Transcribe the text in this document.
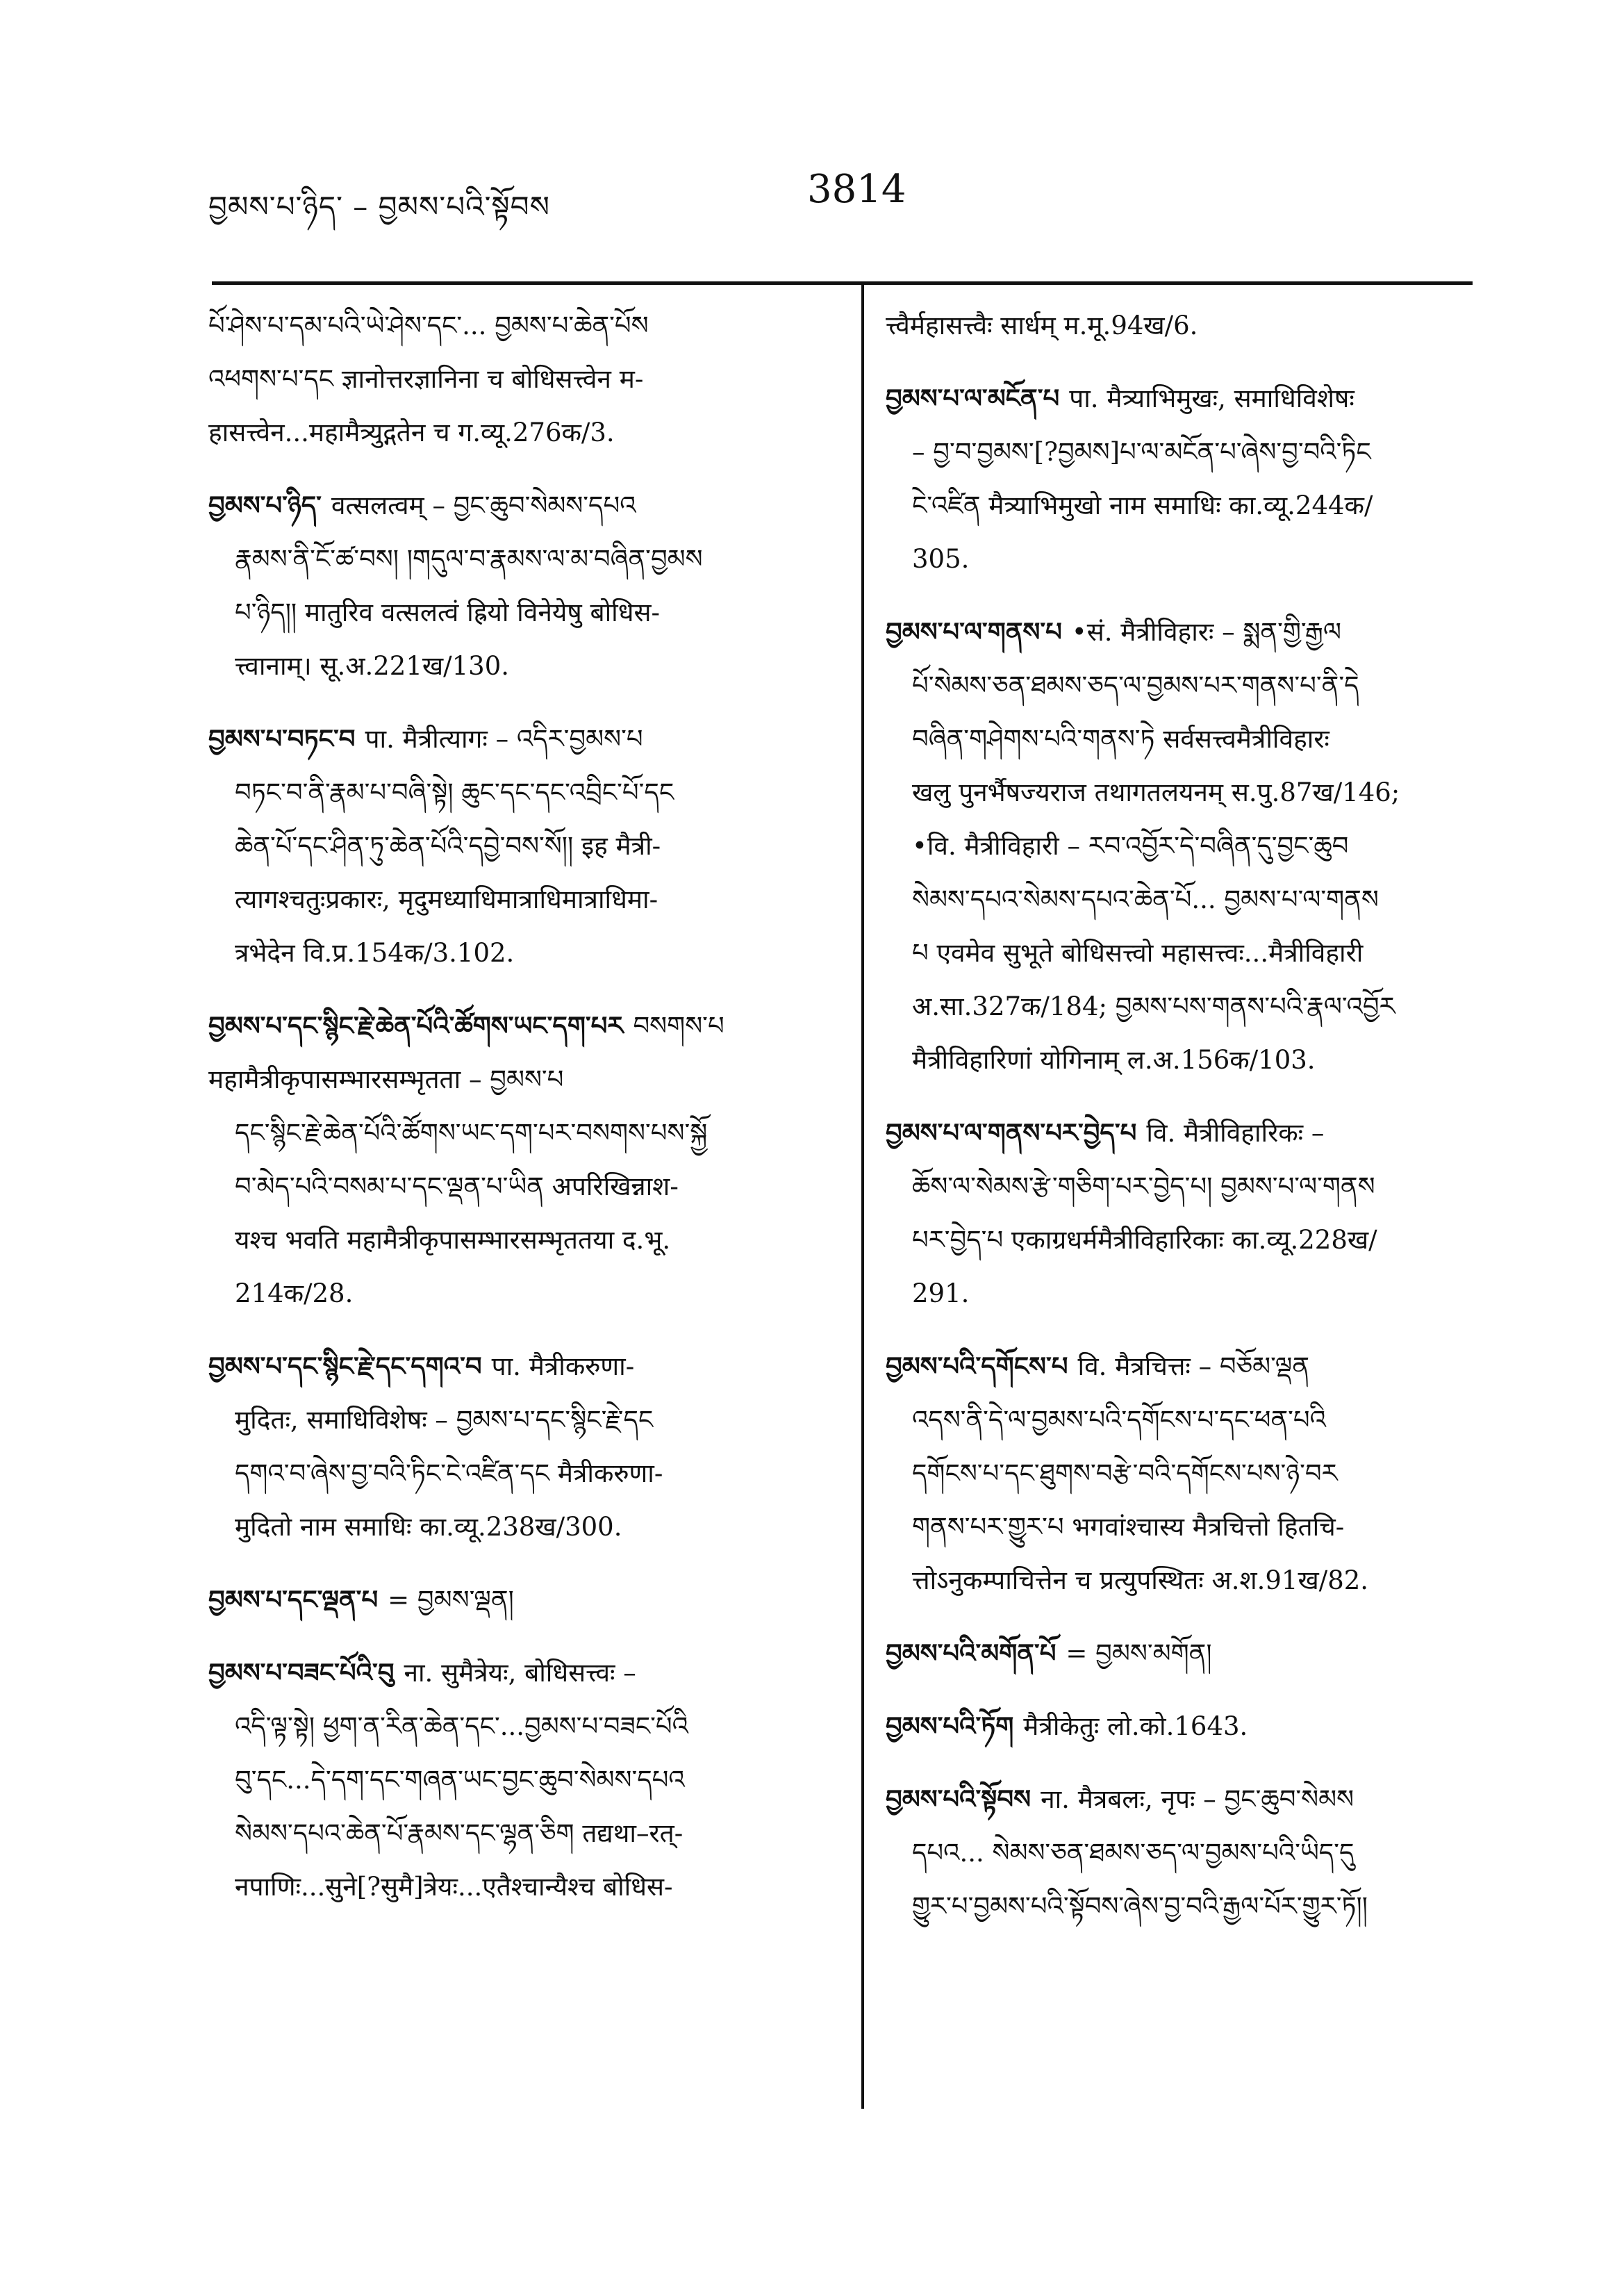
བྱམས་པ་ཉིད་ – བྱམས་པའི་སྟོབས	3814

པོ་ཤེས་པ་དམ་པའི་ཡེ་ཤེས་དང་... བྱམས་པ་ཆེན་པོས

འཕགས་པ་དང ज्ञानोत्तरज्ञानिना च बोधिसत्त्वेन म-

हासत्त्वेन...महामैत्र्युद्गतेन च ग.व्यू.276क/3.

བྱམས་པ་ཉིད་ वत्सलत्वम् – བྱང་ཆུབ་སེམས་དཔའ

རྣམས་ནི་ངོ་ཚ་བས། །གདུལ་བ་རྣམས་ལ་མ་བཞིན་བྱམས

པ་ཉིད།། मातुरिव वत्सलत्वं ह्रियो विनेयेषु बोधिस-

त्त्वानाम्। सू.अ.221ख/130.

བྱམས་པ་བཏང་བ पा. मैत्रीत्यागः – འདིར་བྱམས་པ

བཏང་བ་ནི་རྣམ་པ་བཞི་སྟེ། ཆུང་དང་དང་འབྲིང་པོ་དང

ཆེན་པོ་དང་ཤིན་ཏུ་ཆེན་པོའི་དབྱེ་བས་སོ།། इह मैत्री-

त्यागश्चतुःप्रकारः, मृदुमध्याधिमात्राधिमात्राधिमा-

त्रभेदेन वि.प्र.154क/3.102.

བྱམས་པ་དང་སྙིང་རྗེ་ཆེན་པོའི་ཚོགས་ཡང་དག་པར བསགས་པ महामैत्रीकृपासम्भारसम्भृतता – བྱམས་པ

དང་སྙིང་རྗེ་ཆེན་པོའི་ཚོགས་ཡང་དག་པར་བསགས་པས་སྐྱོ

བ་མེད་པའི་བསམ་པ་དང་ལྡན་པ་ཡིན अपरिखिन्नाश-

यश्च भवति महामैत्रीकृपासम्भारसम्भृततया द.भू.

214क/28.

བྱམས་པ་དང་སྙིང་རྗེ་དང་དགའ་བ पा. मैत्रीकरुणा-

मुदितः, समाधिविशेषः – བྱམས་པ་དང་སྙིང་རྗེ་དང

དགའ་བ་ཞེས་བྱ་བའི་ཏིང་ངེ་འཛིན་དང मैत्रीकरुणा-

मुदितो नाम समाधिः का.व्यू.238ख/300.

བྱམས་པ་དང་ལྡན་པ = བྱམས་ལྡན།

བྱམས་པ་བཟང་པོའི་བུ ना. सुमैत्रेयः, बोधिसत्त्वः –

འདི་ལྟ་སྟེ། ཕྱག་ན་རིན་ཆེན་དང་...བྱམས་པ་བཟང་པོའི

བུ་དང...དེ་དག་དང་གཞན་ཡང་བྱང་ཆུབ་སེམས་དཔའ

སེམས་དཔའ་ཆེན་པོ་རྣམས་དང་ལྷན་ཅིག तद्यथा–रत्-

नपाणिः...सुने[?सुमै]त्रेयः...एतैश्चान्यैश्च बोधिस-

त्त्वैर्महासत्त्वैः सार्धम् म.मू.94ख/6.

བྱམས་པ་ལ་མངོན་པ पा. मैत्र्याभिमुखः, समाधिविशेषः

– བྱ་བ་བྱམས་[?བྱམས]པ་ལ་མངོན་པ་ཞེས་བྱ་བའི་ཏིང

ངེ་འཛིན मैत्र्याभिमुखो नाम समाधिः का.व्यू.244क/

305.

བྱམས་པ་ལ་གནས་པ •सं. मैत्रीविहारः – སྨན་གྱི་རྒྱལ

པོ་སེམས་ཅན་ཐམས་ཅད་ལ་བྱམས་པར་གནས་པ་ནི་དེ

བཞིན་གཤེགས་པའི་གནས་ཏེ सर्वसत्त्वमैत्रीविहारः

खलु पुनर्भैषज्यराज तथागतलयनम् स.पु.87ख/146;

•वि. मैत्रीविहारी – རབ་འབྱོར་དེ་བཞིན་དུ་བྱང་ཆུབ

སེམས་དཔའ་སེམས་དཔའ་ཆེན་པོ... བྱམས་པ་ལ་གནས

པ एवमेव सुभूते बोधिसत्त्वो महासत्त्वः...मैत्रीविहारी

अ.सा.327क/184; བྱམས་པས་གནས་པའི་རྣལ་འབྱོར

मैत्रीविहारिणां योगिनाम् ल.अ.156क/103.

བྱམས་པ་ལ་གནས་པར་བྱེད་པ वि. मैत्रीविहारिकः –

ཆོས་ལ་སེམས་རྩེ་གཅིག་པར་བྱེད་པ། བྱམས་པ་ལ་གནས

པར་བྱེད་པ एकाग्रधर्ममैत्रीविहारिकाः का.व्यू.228ख/

291.

བྱམས་པའི་དགོངས་པ वि. मैत्रचित्तः – བཅོམ་ལྡན

འདས་ནི་དེ་ལ་བྱམས་པའི་དགོངས་པ་དང་ཕན་པའི

དགོངས་པ་དང་ཐུགས་བརྩེ་བའི་དགོངས་པས་ཉེ་བར

གནས་པར་གྱུར་པ भगवांश्चास्य मैत्रचित्तो हितचि-

त्तोऽनुकम्पाचित्तेन च प्रत्युपस्थितः अ.श.91ख/82.

བྱམས་པའི་མགོན་པོ = བྱམས་མགོན།

བྱམས་པའི་ཏོག मैत्रीकेतुः लो.को.1643.

བྱམས་པའི་སྟོབས ना. मैत्रबलः, नृपः – བྱང་ཆུབ་སེམས

དཔའ... སེམས་ཅན་ཐམས་ཅད་ལ་བྱམས་པའི་ཡིད་དུ

གྱུར་པ་བྱམས་པའི་སྟོབས་ཞེས་བྱ་བའི་རྒྱལ་པོར་གྱུར་ཏོ།།
